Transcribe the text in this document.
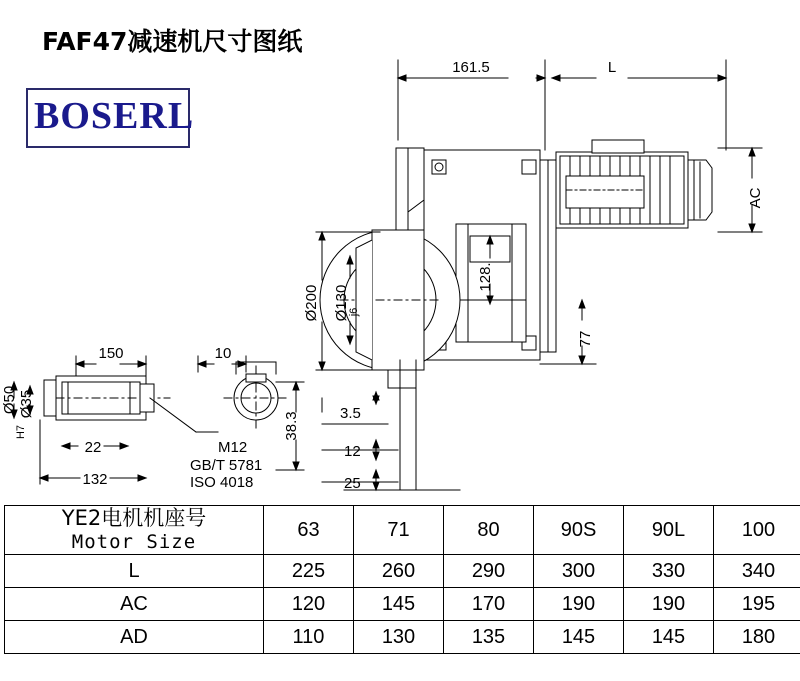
FAF47减速机尺寸图纸
BOSERL
161.5	L
AC
128.
77
Ø200 Ø130
j6
3.5
12
25
150	10
22
132
38.3
Ø50 Ø35
H7
M12
GB/T 5781
ISO 4018
YE2电机机座号
Motor Size	63	71	80	90S	90L	100
L	225	260	290	300	330	340
AC	120	145	170	190	190	195
AD	110	130	135	145	145	180
